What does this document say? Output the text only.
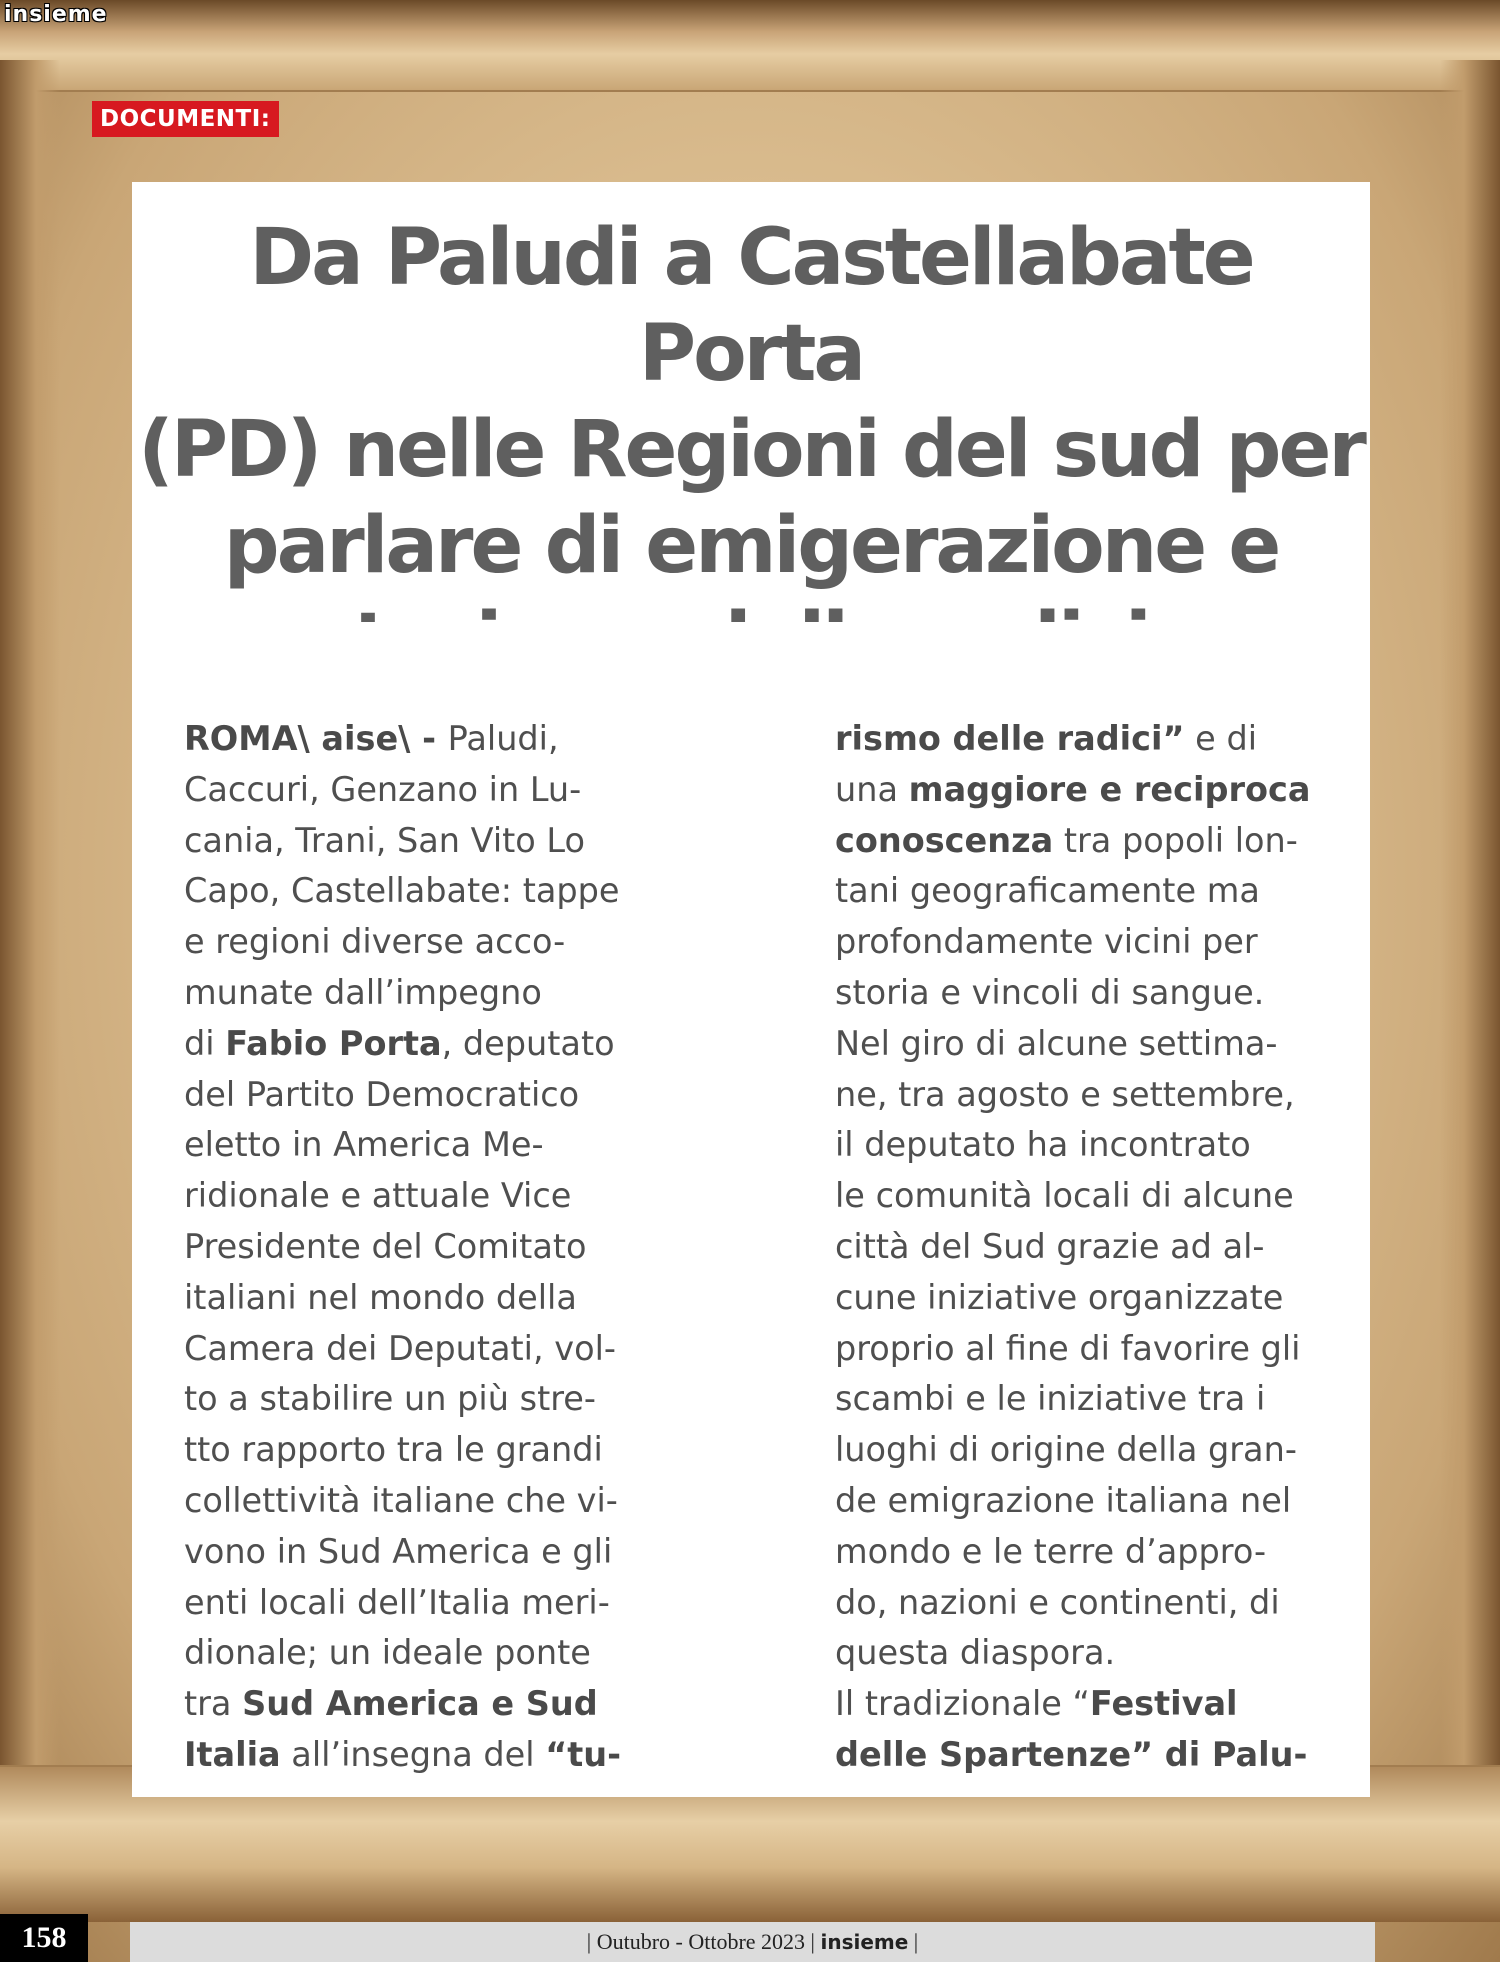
insieme
DOCUMENTI:
Da Paludi a Castellabate Porta
(PD) nelle Regioni del sud per
parlare di emigerazione e
ROMA\ aise\ - Paludi,
Caccuri, Genzano in Lu-
cania, Trani, San Vito Lo
Capo, Castellabate: tappe
e regioni diverse acco-
munate dall’impegno
di Fabio Porta, deputato
del Partito Democratico
eletto in America Me-
ridionale e attuale Vice
Presidente del Comitato
italiani nel mondo della
Camera dei Deputati, vol-
to a stabilire un più stre-
tto rapporto tra le grandi
collettività italiane che vi-
vono in Sud America e gli
enti locali dell’Italia meri-
dionale; un ideale ponte
tra Sud America e Sud
Italia all’insegna del “tu-
rismo delle radici” e di
una maggiore e reciproca
conoscenza tra popoli lon-
tani geograficamente ma
profondamente vicini per
storia e vincoli di sangue.
Nel giro di alcune settima-
ne, tra agosto e settembre,
il deputato ha incontrato
le comunità locali di alcune
città del Sud grazie ad al-
cune iniziative organizzate
proprio al fine di favorire gli
scambi e le iniziative tra i
luoghi di origine della gran-
de emigrazione italiana nel
mondo e le terre d’appro-
do, nazioni e continenti, di
questa diaspora.
Il tradizionale “Festival
delle Spartenze” di Palu-
| Outubro - Ottobre 2023 | insieme |
158
